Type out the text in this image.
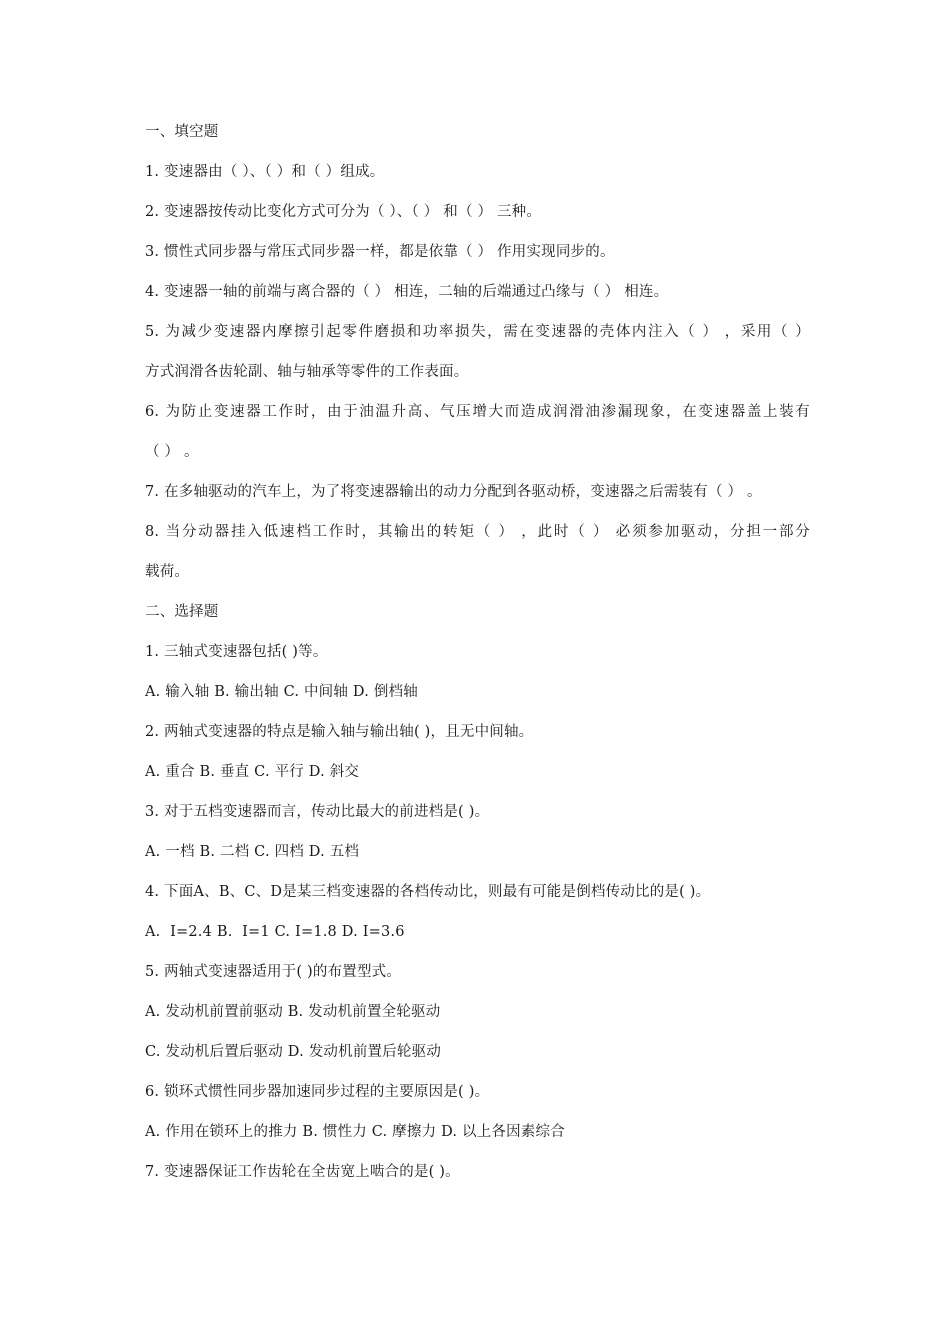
一、填空题
1. 变速器由（ ）、（ ）和（ ）组成。
2. 变速器按传动比变化方式可分为（ ）、（ ） 和（ ） 三种。
3. 惯性式同步器与常压式同步器一样，都是依靠（ ） 作用实现同步的。
4. 变速器一轴的前端与离合器的（ ） 相连，二轴的后端通过凸缘与（ ） 相连。
5. 为减少变速器内摩擦引起零件磨损和功率损失，需在变速器的壳体内注入（ ） ，采用（ ）
方式润滑各齿轮副、轴与轴承等零件的工作表面。
6. 为防止变速器工作时，由于油温升高、气压增大而造成润滑油渗漏现象，在变速器盖上装有
（ ） 。
7. 在多轴驱动的汽车上，为了将变速器输出的动力分配到各驱动桥，变速器之后需装有（ ） 。
8. 当分动器挂入低速档工作时，其输出的转矩（ ） ，此时（ ） 必须参加驱动，分担一部分
载荷。
二、选择题
1. 三轴式变速器包括( )等。
A. 输入轴 B. 输出轴 C. 中间轴 D. 倒档轴
2. 两轴式变速器的特点是输入轴与输出轴( )，且无中间轴。
A. 重合 B. 垂直 C. 平行 D. 斜交
3. 对于五档变速器而言，传动比最大的前进档是( )。
A. 一档 B. 二档 C. 四档 D. 五档
4. 下面A、B、C、D是某三档变速器的各档传动比，则最有可能是倒档传动比的是( )。
A.  I=2.4 B.  I=1 C. I=1.8 D. I=3.6
5. 两轴式变速器适用于( )的布置型式。
A. 发动机前置前驱动 B. 发动机前置全轮驱动
C. 发动机后置后驱动 D. 发动机前置后轮驱动
6. 锁环式惯性同步器加速同步过程的主要原因是( )。
A. 作用在锁环上的推力 B. 惯性力 C. 摩擦力 D. 以上各因素综合
7. 变速器保证工作齿轮在全齿宽上啮合的是( )。
